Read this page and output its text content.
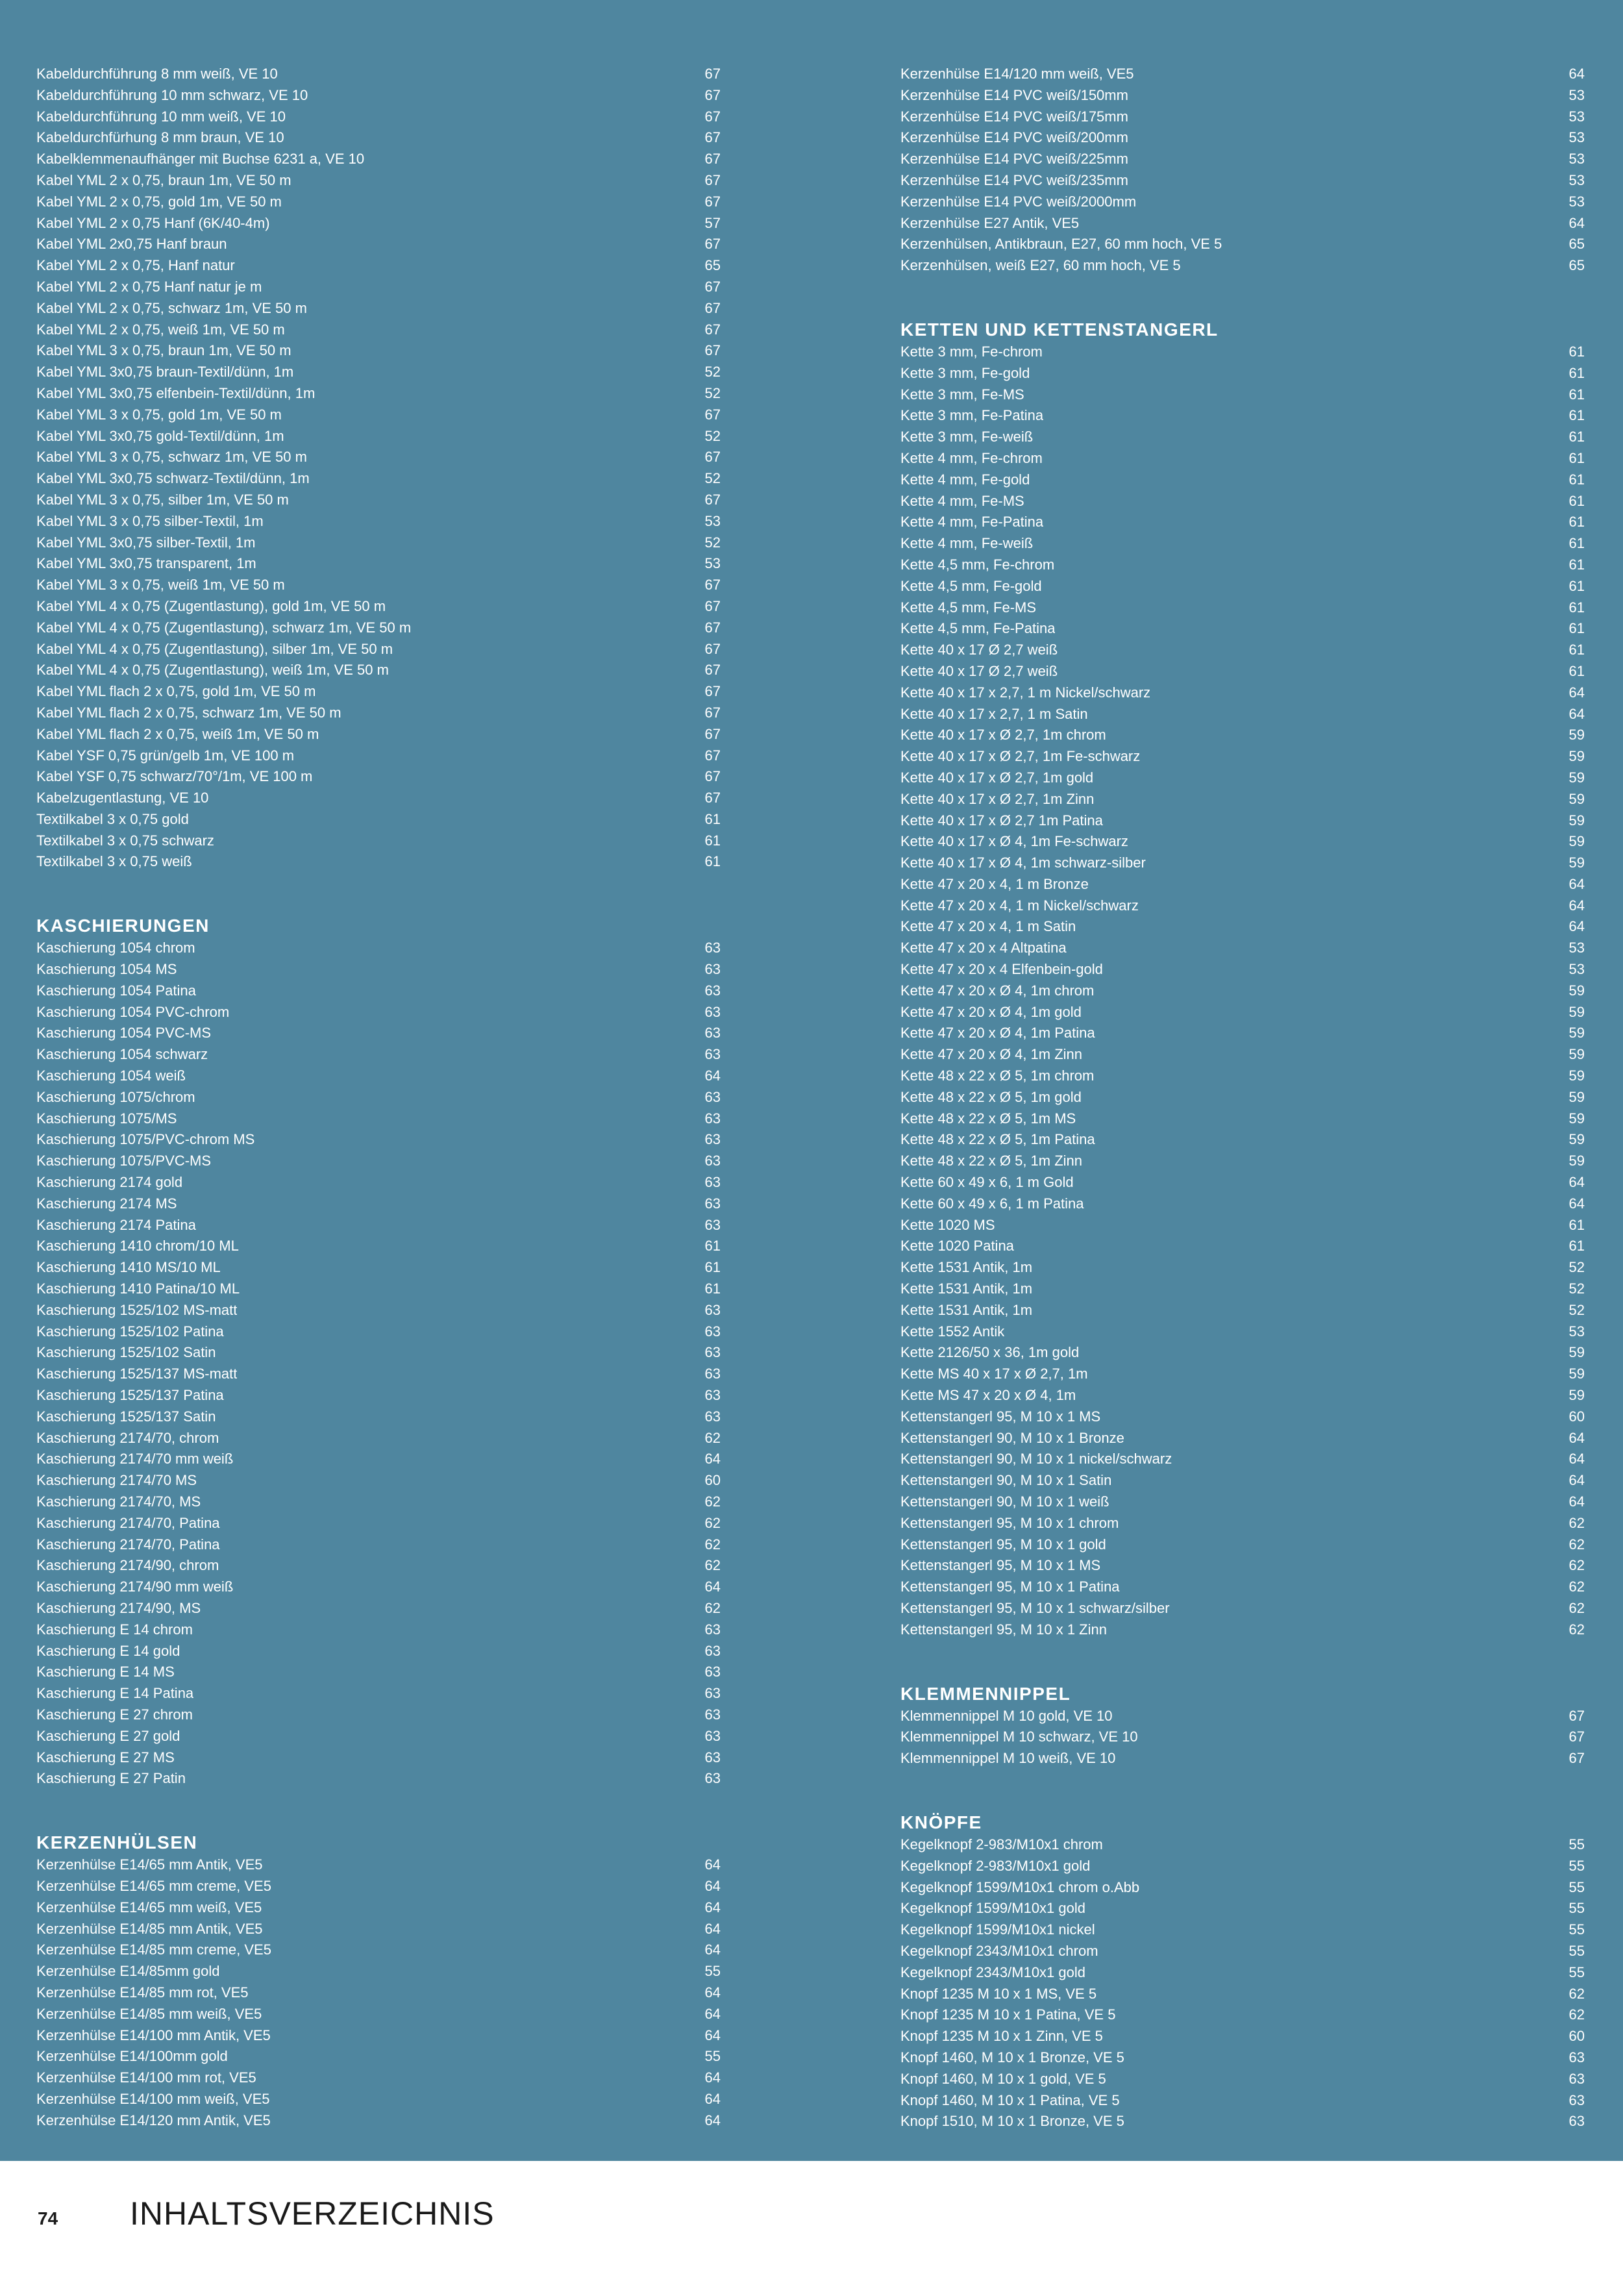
Kabeldurchführung 8 mm weiß, VE 10	67
Kabeldurchführung 10 mm schwarz, VE 10	67
Kabeldurchführung 10 mm weiß, VE 10	67
Kabeldurchfürhung 8 mm braun, VE 10	67
Kabelklemmenaufhänger mit Buchse 6231 a, VE 10	67
Kabel YML 2 x 0,75, braun 1m, VE 50 m	67
Kabel YML 2 x 0,75, gold 1m, VE 50 m	67
Kabel YML 2 x 0,75 Hanf (6K/40-4m)	57
Kabel YML 2x0,75 Hanf braun	67
Kabel YML 2 x 0,75, Hanf natur	65
Kabel YML 2 x 0,75 Hanf natur je m	67
Kabel YML 2 x 0,75, schwarz 1m, VE 50 m	67
Kabel YML 2 x 0,75, weiß 1m, VE 50 m	67
Kabel YML 3 x 0,75, braun 1m, VE 50 m	67
Kabel YML 3x0,75 braun-Textil/dünn, 1m	52
Kabel YML 3x0,75 elfenbein-Textil/dünn, 1m	52
Kabel YML 3 x 0,75, gold 1m, VE 50 m	67
Kabel YML 3x0,75 gold-Textil/dünn, 1m	52
Kabel YML 3 x 0,75, schwarz 1m, VE 50 m	67
Kabel YML 3x0,75 schwarz-Textil/dünn, 1m	52
Kabel YML 3 x 0,75, silber 1m, VE 50 m	67
Kabel YML 3 x 0,75 silber-Textil, 1m	53
Kabel YML 3x0,75 silber-Textil, 1m	52
Kabel YML 3x0,75 transparent, 1m	53
Kabel YML 3 x 0,75, weiß 1m, VE 50 m	67
Kabel YML 4 x 0,75 (Zugentlastung), gold 1m, VE 50 m	67
Kabel YML 4 x 0,75 (Zugentlastung), schwarz 1m, VE 50 m	67
Kabel YML 4 x 0,75 (Zugentlastung), silber 1m, VE 50 m	67
Kabel YML 4 x 0,75 (Zugentlastung), weiß 1m, VE 50 m	67
Kabel YML flach 2 x 0,75, gold 1m, VE 50 m	67
Kabel YML flach 2 x 0,75, schwarz 1m, VE 50 m	67
Kabel YML flach 2 x 0,75, weiß 1m, VE 50 m	67
Kabel YSF 0,75 grün/gelb 1m, VE 100 m	67
Kabel YSF 0,75 schwarz/70°/1m, VE 100 m	67
Kabelzugentlastung, VE 10	67
Textilkabel 3 x 0,75 gold	61
Textilkabel 3 x 0,75 schwarz	61
Textilkabel 3 x 0,75 weiß	61
KASCHIERUNGEN
Kaschierung 1054 chrom	63
Kaschierung 1054 MS	63
Kaschierung 1054 Patina	63
Kaschierung 1054 PVC-chrom	63
Kaschierung 1054 PVC-MS	63
Kaschierung 1054 schwarz	63
Kaschierung 1054 weiß	64
Kaschierung 1075/chrom	63
Kaschierung 1075/MS	63
Kaschierung 1075/PVC-chrom MS	63
Kaschierung 1075/PVC-MS	63
Kaschierung 2174 gold	63
Kaschierung 2174 MS	63
Kaschierung 2174 Patina	63
Kaschierung 1410 chrom/10 ML	61
Kaschierung 1410 MS/10 ML	61
Kaschierung 1410 Patina/10 ML	61
Kaschierung 1525/102 MS-matt	63
Kaschierung 1525/102 Patina	63
Kaschierung 1525/102 Satin	63
Kaschierung 1525/137 MS-matt	63
Kaschierung 1525/137 Patina	63
Kaschierung 1525/137 Satin	63
Kaschierung 2174/70, chrom	62
Kaschierung 2174/70 mm weiß	64
Kaschierung 2174/70 MS	60
Kaschierung 2174/70, MS	62
Kaschierung 2174/70, Patina	62
Kaschierung 2174/70, Patina	62
Kaschierung 2174/90, chrom	62
Kaschierung 2174/90 mm weiß	64
Kaschierung 2174/90, MS	62
Kaschierung E 14 chrom	63
Kaschierung E 14 gold	63
Kaschierung E 14 MS	63
Kaschierung E 14 Patina	63
Kaschierung E 27 chrom	63
Kaschierung E 27 gold	63
Kaschierung E 27 MS	63
Kaschierung E 27 Patin	63
KERZENHÜLSEN
Kerzenhülse E14/65 mm Antik, VE5	64
Kerzenhülse E14/65 mm creme, VE5	64
Kerzenhülse E14/65 mm weiß, VE5	64
Kerzenhülse E14/85 mm Antik, VE5	64
Kerzenhülse E14/85 mm creme, VE5	64
Kerzenhülse E14/85mm gold	55
Kerzenhülse E14/85 mm rot, VE5	64
Kerzenhülse E14/85 mm weiß, VE5	64
Kerzenhülse E14/100 mm Antik, VE5	64
Kerzenhülse E14/100mm gold	55
Kerzenhülse E14/100 mm rot, VE5	64
Kerzenhülse E14/100 mm weiß, VE5	64
Kerzenhülse E14/120 mm Antik, VE5	64
Kerzenhülse E14/120 mm weiß, VE5	64
Kerzenhülse E14 PVC weiß/150mm	53
Kerzenhülse E14 PVC weiß/175mm	53
Kerzenhülse E14 PVC weiß/200mm	53
Kerzenhülse E14 PVC weiß/225mm	53
Kerzenhülse E14 PVC weiß/235mm	53
Kerzenhülse E14 PVC weiß/2000mm	53
Kerzenhülse E27 Antik, VE5	64
Kerzenhülsen, Antikbraun, E27, 60 mm hoch, VE 5	65
Kerzenhülsen, weiß E27, 60 mm hoch, VE 5	65
KETTEN UND KETTENSTANGERL
Kette 3 mm, Fe-chrom	61
Kette 3 mm, Fe-gold	61
Kette 3 mm, Fe-MS	61
Kette 3 mm, Fe-Patina	61
Kette 3 mm, Fe-weiß	61
Kette 4 mm, Fe-chrom	61
Kette 4 mm, Fe-gold	61
Kette 4 mm, Fe-MS	61
Kette 4 mm, Fe-Patina	61
Kette 4 mm, Fe-weiß	61
Kette 4,5 mm, Fe-chrom	61
Kette 4,5 mm, Fe-gold	61
Kette 4,5 mm, Fe-MS	61
Kette 4,5 mm, Fe-Patina	61
Kette 40 x 17 Ø 2,7 weiß	61
Kette 40 x 17 Ø 2,7 weiß	61
Kette 40 x 17 x 2,7, 1 m Nickel/schwarz	64
Kette 40 x 17 x 2,7, 1 m Satin	64
Kette 40 x 17 x Ø 2,7, 1m chrom	59
Kette 40 x 17 x Ø 2,7, 1m Fe-schwarz	59
Kette 40 x 17 x Ø 2,7, 1m gold	59
Kette 40 x 17 x Ø 2,7, 1m Zinn	59
Kette 40 x 17 x Ø 2,7 1m Patina	59
Kette 40 x 17 x Ø 4, 1m Fe-schwarz	59
Kette 40 x 17 x Ø 4, 1m schwarz-silber	59
Kette 47 x 20 x 4, 1 m Bronze	64
Kette 47 x 20 x 4, 1 m Nickel/schwarz	64
Kette 47 x 20 x 4, 1 m Satin	64
Kette 47 x 20 x 4 Altpatina	53
Kette 47 x 20 x 4 Elfenbein-gold	53
Kette 47 x 20 x Ø 4, 1m chrom	59
Kette 47 x 20 x Ø 4, 1m gold	59
Kette 47 x 20 x Ø 4, 1m Patina	59
Kette 47 x 20 x Ø 4, 1m Zinn	59
Kette 48 x 22 x Ø 5, 1m chrom	59
Kette 48 x 22 x Ø 5, 1m gold	59
Kette 48 x 22 x Ø 5, 1m MS	59
Kette 48 x 22 x Ø 5, 1m Patina	59
Kette 48 x 22 x Ø 5, 1m Zinn	59
Kette 60 x 49 x 6, 1 m Gold	64
Kette 60 x 49 x 6, 1 m Patina	64
Kette 1020 MS	61
Kette 1020 Patina	61
Kette 1531 Antik, 1m	52
Kette 1531 Antik, 1m	52
Kette 1531 Antik, 1m	52
Kette 1552 Antik	53
Kette 2126/50 x 36, 1m gold	59
Kette MS 40 x 17 x Ø 2,7, 1m	59
Kette MS 47 x 20 x Ø 4, 1m	59
Kettenstangerl 95, M 10 x 1 MS	60
Kettenstangerl 90, M 10 x 1 Bronze	64
Kettenstangerl 90, M 10 x 1 nickel/schwarz	64
Kettenstangerl 90, M 10 x 1 Satin	64
Kettenstangerl 90, M 10 x 1 weiß	64
Kettenstangerl 95, M 10 x 1 chrom	62
Kettenstangerl 95, M 10 x 1 gold	62
Kettenstangerl 95, M 10 x 1 MS	62
Kettenstangerl 95, M 10 x 1 Patina	62
Kettenstangerl 95, M 10 x 1 schwarz/silber	62
Kettenstangerl 95, M 10 x 1 Zinn	62
KLEMMENNIPPEL
Klemmennippel M 10 gold, VE 10	67
Klemmennippel M 10 schwarz, VE 10	67
Klemmennippel M 10 weiß, VE 10	67
KNÖPFE
Kegelknopf 2-983/M10x1 chrom	55
Kegelknopf 2-983/M10x1 gold	55
Kegelknopf 1599/M10x1 chrom o.Abb	55
Kegelknopf 1599/M10x1 gold	55
Kegelknopf 1599/M10x1 nickel	55
Kegelknopf 2343/M10x1 chrom	55
Kegelknopf 2343/M10x1 gold	55
Knopf 1235 M 10 x 1 MS, VE 5	62
Knopf 1235 M 10 x 1 Patina, VE 5	62
Knopf 1235 M 10 x 1 Zinn, VE 5	60
Knopf 1460, M 10 x 1 Bronze, VE 5	63
Knopf 1460, M 10 x 1 gold, VE 5	63
Knopf 1460, M 10 x 1 Patina, VE 5	63
Knopf 1510, M 10 x 1 Bronze, VE 5	63
74 INHALTSVERZEICHNIS
